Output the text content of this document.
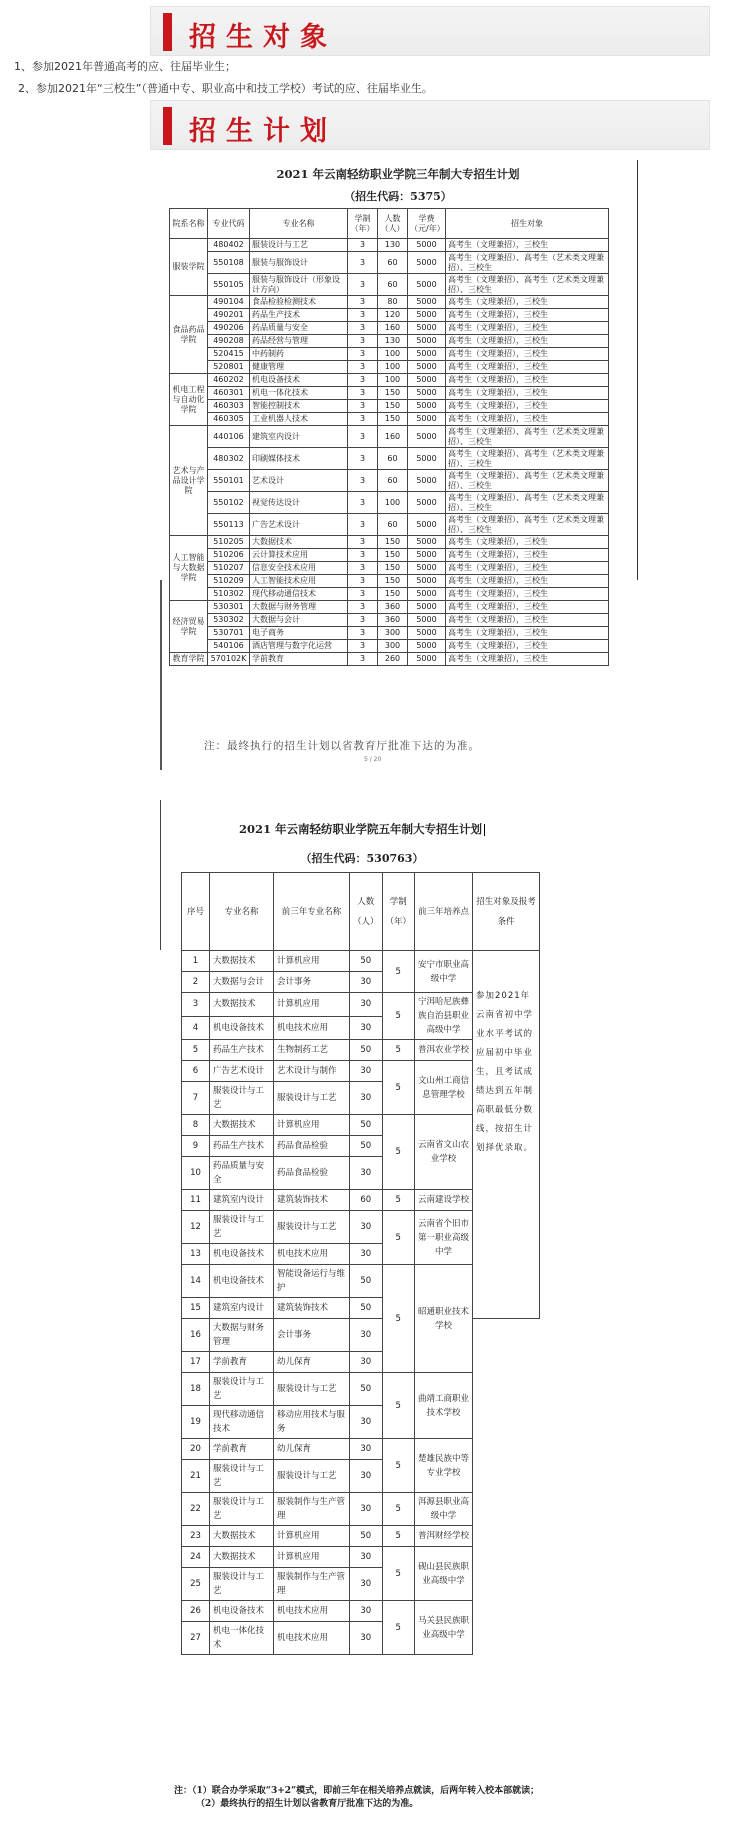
招生对象
1、参加2021年普通高考的应、往届毕业生；
2、参加2021年“三校生”（普通中专、职业高中和技工学校）考试的应、往届毕业生。
招生计划
2021 年云南轻纺职业学院三年制大专招生计划
（招生代码：5375）
院系名称	专业代码	专业名称	学制（年）	人数（人）	学费（元/年）	招生对象
服装学院	480402	服装设计与工艺	3	130	5000	高考生（文理兼招），三校生
	550108	服装与服饰设计	3	60	5000	高考生（文理兼招）、高考生（艺术类文理兼招）、三校生
	550105	服装与服饰设计（形象设计方向）	3	60	5000	高考生（文理兼招）、高考生（艺术类文理兼招）、三校生
食品药品学院	490104	食品检验检测技术	3	80	5000	高考生（文理兼招），三校生
	490201	药品生产技术	3	120	5000	高考生（文理兼招），三校生
	490206	药品质量与安全	3	160	5000	高考生（文理兼招），三校生
	490208	药品经营与管理	3	130	5000	高考生（文理兼招），三校生
	520415	中药制药	3	100	5000	高考生（文理兼招），三校生
	520801	健康管理	3	100	5000	高考生（文理兼招），三校生
机电工程与自动化学院	460202	机电设备技术	3	100	5000	高考生（文理兼招），三校生
	460301	机电一体化技术	3	150	5000	高考生（文理兼招），三校生
	460303	智能控制技术	3	150	5000	高考生（文理兼招），三校生
	460305	工业机器人技术	3	150	5000	高考生（文理兼招），三校生
艺术与产品设计学院	440106	建筑室内设计	3	160	5000	高考生（文理兼招）、高考生（艺术类文理兼招）、三校生
	480302	印刷媒体技术	3	60	5000	高考生（文理兼招）、高考生（艺术类文理兼招）、三校生
	550101	艺术设计	3	60	5000	高考生（文理兼招）、高考生（艺术类文理兼招）、三校生
	550102	视觉传达设计	3	100	5000	高考生（文理兼招）、高考生（艺术类文理兼招）、三校生
	550113	广告艺术设计	3	60	5000	高考生（文理兼招）、高考生（艺术类文理兼招）、三校生
人工智能与大数据学院	510205	大数据技术	3	150	5000	高考生（文理兼招），三校生
	510206	云计算技术应用	3	150	5000	高考生（文理兼招），三校生
	510207	信息安全技术应用	3	150	5000	高考生（文理兼招），三校生
	510209	人工智能技术应用	3	150	5000	高考生（文理兼招），三校生
	510302	现代移动通信技术	3	150	5000	高考生（文理兼招），三校生
经济贸易学院	530301	大数据与财务管理	3	360	5000	高考生（文理兼招），三校生
	530302	大数据与会计	3	360	5000	高考生（文理兼招），三校生
	530701	电子商务	3	300	5000	高考生（文理兼招），三校生
	540106	酒店管理与数字化运营	3	300	5000	高考生（文理兼招），三校生
教育学院	570102K	学前教育	3	260	5000	高考生（文理兼招），三校生
注：最终执行的招生计划以省教育厅批准下达的为准。
5 / 20
2021 年云南轻纺职业学院五年制大专招生计划
（招生代码：530763）
序号	专业名称	前三年专业名称	人数（人）	学制（年）	前三年培养点	招生对象及报考条件	
1	大数据技术	计算机应用	50	5	安宁市职业高级中学	参加2021年云南省初中学业水平考试的应届初中毕业生，且考试成绩达到五年制高职最低分数线，按招生计划择优录取。	
2	大数据与会计	会计事务	30				
3	大数据技术	计算机应用	30	5	宁洱哈尼族彝族自治县职业高级中学		
4	机电设备技术	机电技术应用	30				
5	药品生产技术	生物制药工艺	50	5	普洱农业学校		
6	广告艺术设计	艺术设计与制作	30	5	文山州工商信息管理学校		
7	服装设计与工艺	服装设计与工艺	30				
8	大数据技术	计算机应用	50	5	云南省文山农业学校		
9	药品生产技术	药品食品检验	50				
10	药品质量与安全	药品食品检验	30				
11	建筑室内设计	建筑装饰技术	60	5	云南建设学校		
12	服装设计与工艺	服装设计与工艺	30	5	云南省个旧市第一职业高级中学		
13	机电设备技术	机电技术应用	30				
14	机电设备技术	智能设备运行与维护	50	5	昭通职业技术学校		
15	建筑室内设计	建筑装饰技术	50				
16	大数据与财务管理	会计事务	30				
17	学前教育	幼儿保育	30				
18	服装设计与工艺	服装设计与工艺	50	5	曲靖工商职业技术学校		
19	现代移动通信技术	移动应用技术与服务	30				
20	学前教育	幼儿保育	30	5	楚雄民族中等专业学校		
21	服装设计与工艺	服装设计与工艺	30				
22	服装设计与工艺	服装制作与生产管理	30	5	洱源县职业高级中学		
23	大数据技术	计算机应用	50	5	普洱财经学校		
24	大数据技术	计算机应用	30	5	砚山县民族职业高级中学		
25	服装设计与工艺	服装制作与生产管理	30				
26	机电设备技术	机电技术应用	30	5	马关县民族职业高级中学		
27	机电一体化技术	机电技术应用	30				
注：（1）联合办学采取“3+2”模式，即前三年在相关培养点就读，后两年转入校本部就读；
（2）最终执行的招生计划以省教育厅批准下达的为准。
